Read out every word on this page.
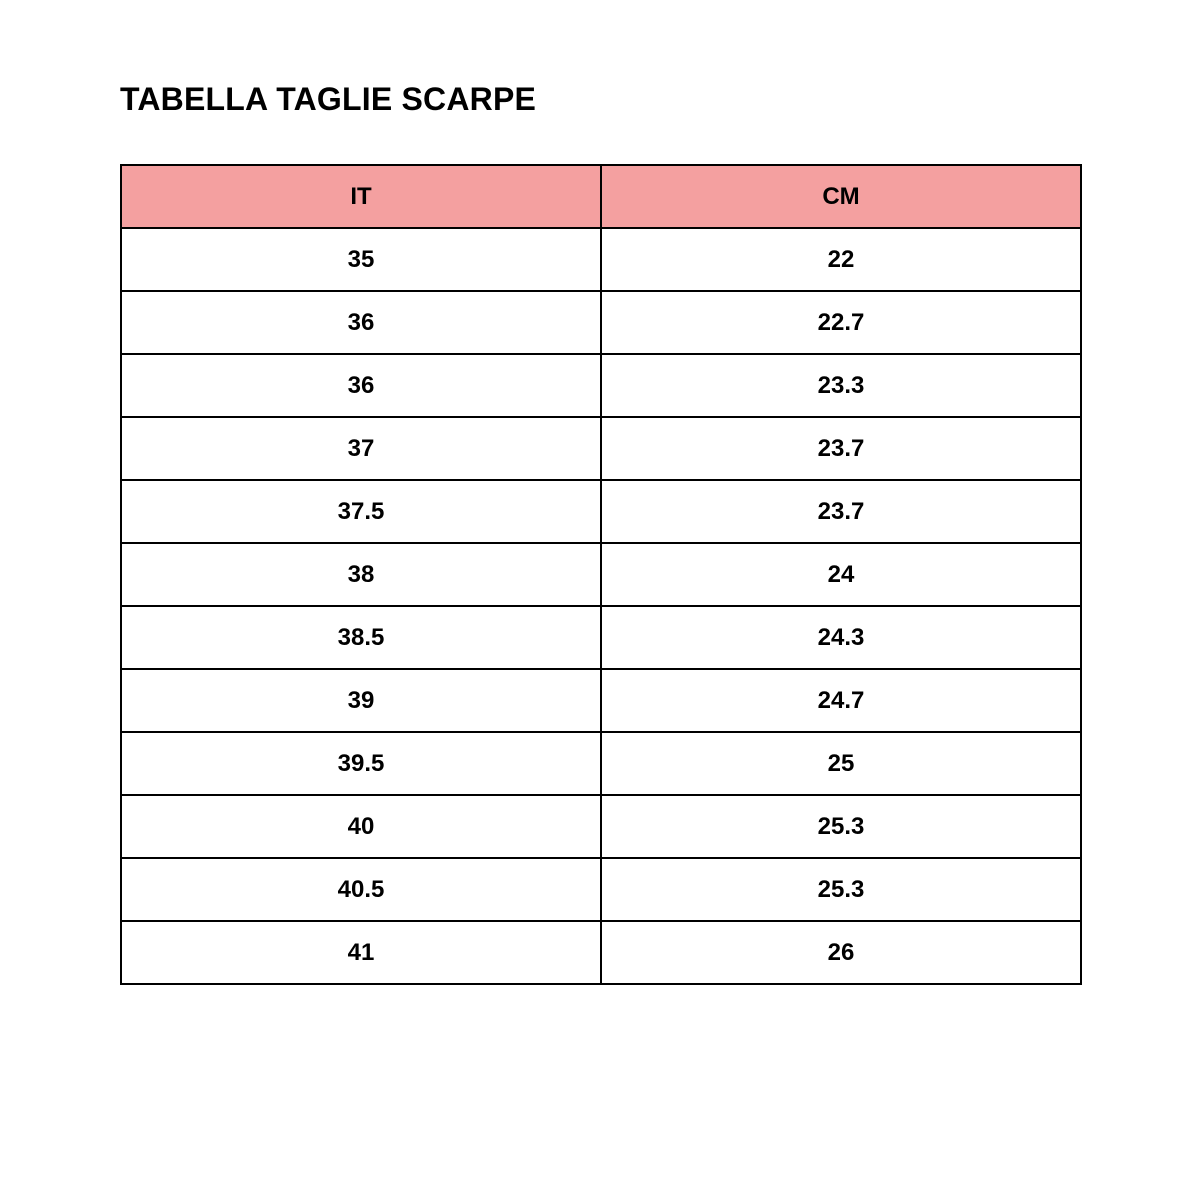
TABELLA TAGLIE SCARPE
IT	CM
35	22
36	22.7
36	23.3
37	23.7
37.5	23.7
38	24
38.5	24.3
39	24.7
39.5	25
40	25.3
40.5	25.3
41	26
